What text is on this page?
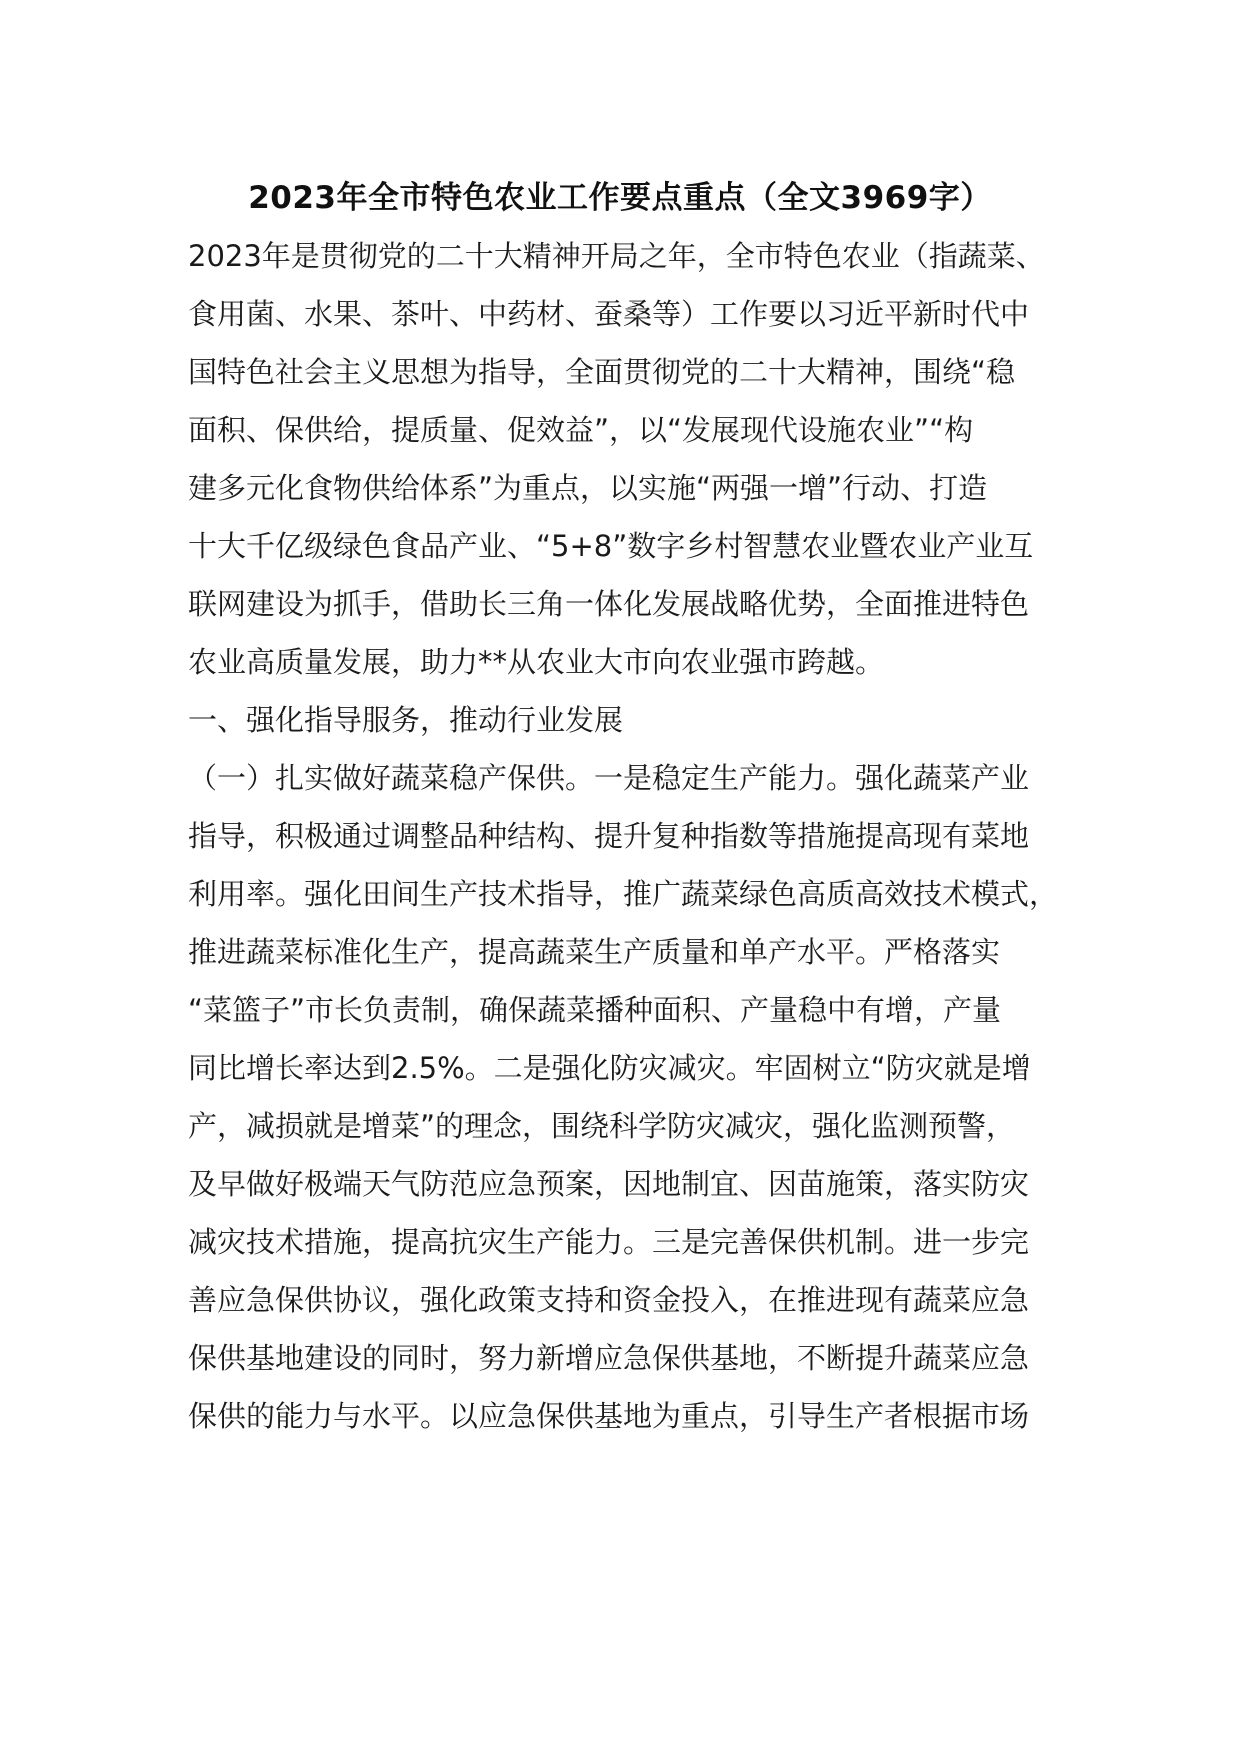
2023年全市特色农业工作要点重点（全文3969字）
2023年是贯彻党的二十大精神开局之年，全市特色农业（指蔬菜、
食用菌、水果、茶叶、中药材、蚕桑等）工作要以习近平新时代中
国特色社会主义思想为指导，全面贯彻党的二十大精神，围绕“稳
面积、保供给，提质量、促效益”，以“发展现代设施农业”“构
建多元化食物供给体系”为重点，以实施“两强一增”行动、打造
十大千亿级绿色食品产业、“5+8”数字乡村智慧农业暨农业产业互
联网建设为抓手，借助长三角一体化发展战略优势，全面推进特色
农业高质量发展，助力**从农业大市向农业强市跨越。
一、强化指导服务，推动行业发展
（一）扎实做好蔬菜稳产保供。一是稳定生产能力。强化蔬菜产业
指导，积极通过调整品种结构、提升复种指数等措施提高现有菜地
利用率。强化田间生产技术指导，推广蔬菜绿色高质高效技术模式，
推进蔬菜标准化生产，提高蔬菜生产质量和单产水平。严格落实
“菜篮子”市长负责制，确保蔬菜播种面积、产量稳中有增，产量
同比增长率达到2.5%。二是强化防灾减灾。牢固树立“防灾就是增
产，减损就是增菜”的理念，围绕科学防灾减灾，强化监测预警，
及早做好极端天气防范应急预案，因地制宜、因苗施策，落实防灾
减灾技术措施，提高抗灾生产能力。三是完善保供机制。进一步完
善应急保供协议，强化政策支持和资金投入，在推进现有蔬菜应急
保供基地建设的同时，努力新增应急保供基地，不断提升蔬菜应急
保供的能力与水平。以应急保供基地为重点，引导生产者根据市场
